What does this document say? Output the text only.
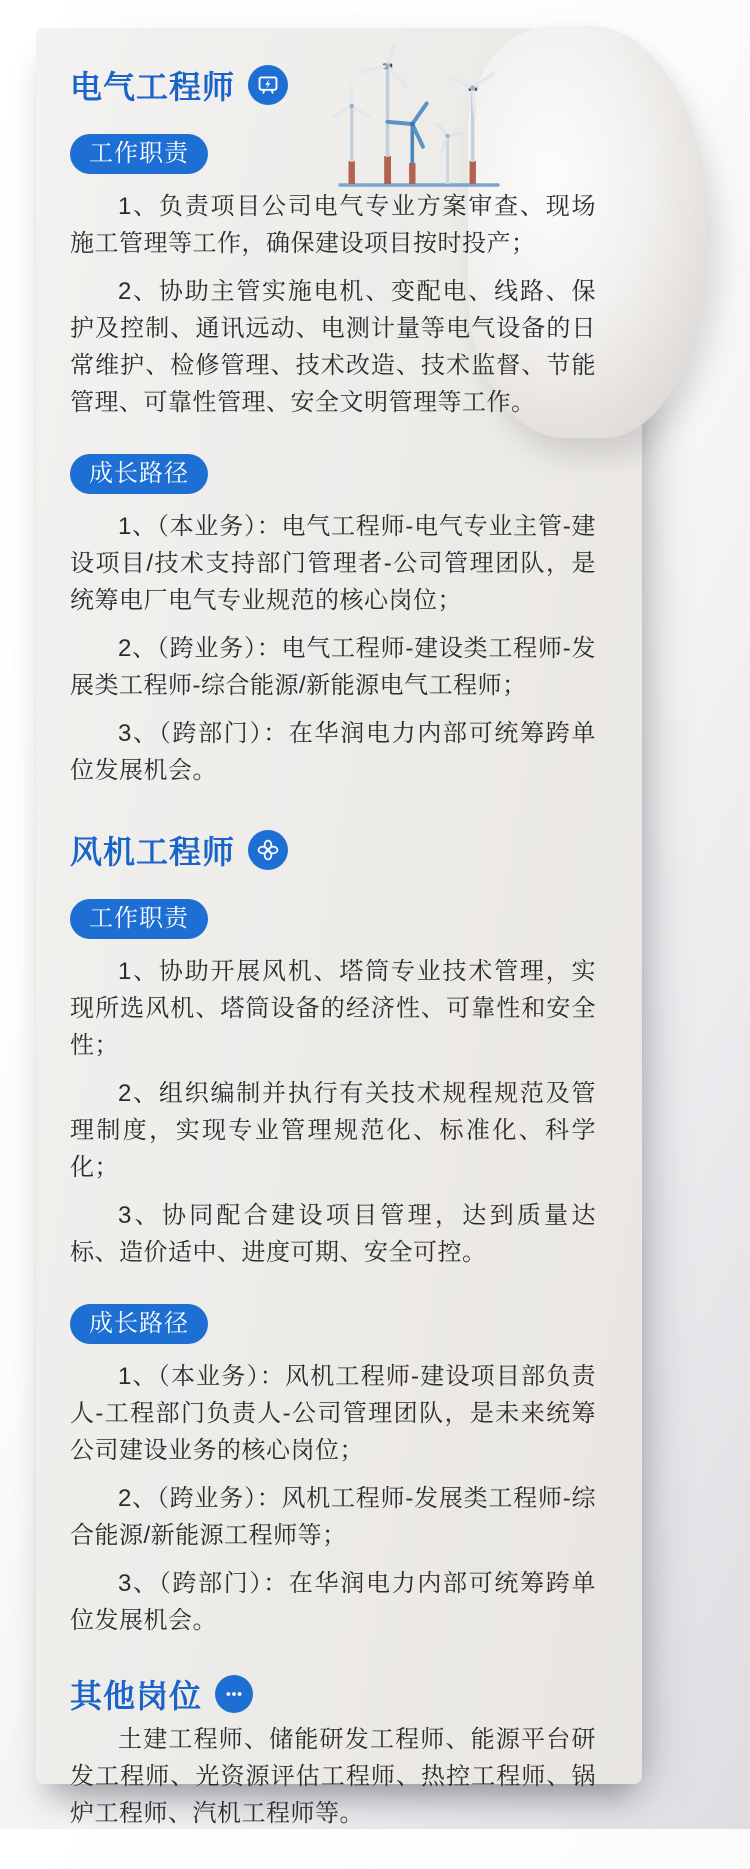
电气工程师
工作职责

1、负责项目公司电气专业方案审查、现场施工管理等工作，确保建设项目按时投产；

2、协助主管实施电机、变配电、线路、保护及控制、通讯远动、电测计量等电气设备的日常维护、检修管理、技术改造、技术监督、节能管理、可靠性管理、安全文明管理等工作。

成长路径

1、（本业务）：电气工程师-电气专业主管-建设项目/技术支持部门管理者-公司管理团队，是统筹电厂电气专业规范的核心岗位；

2、（跨业务）：电气工程师-建设类工程师-发展类工程师-综合能源/新能源电气工程师；

3、（跨部门）：在华润电力内部可统筹跨单位发展机会。

风机工程师
工作职责

1、协助开展风机、塔筒专业技术管理，实现所选风机、塔筒设备的经济性、可靠性和安全性；

2、组织编制并执行有关技术规程规范及管理制度，实现专业管理规范化、标准化、科学化；

3、协同配合建设项目管理，达到质量达标、造价适中、进度可期、安全可控。

成长路径

1、（本业务）：风机工程师-建设项目部负责人-工程部门负责人-公司管理团队，是未来统筹公司建设业务的核心岗位；

2、（跨业务）：风机工程师-发展类工程师-综合能源/新能源工程师等；

3、（跨部门）：在华润电力内部可统筹跨单位发展机会。

其他岗位

土建工程师、储能研发工程师、能源平台研发工程师、光资源评估工程师、热控工程师、锅炉工程师、汽机工程师等。
